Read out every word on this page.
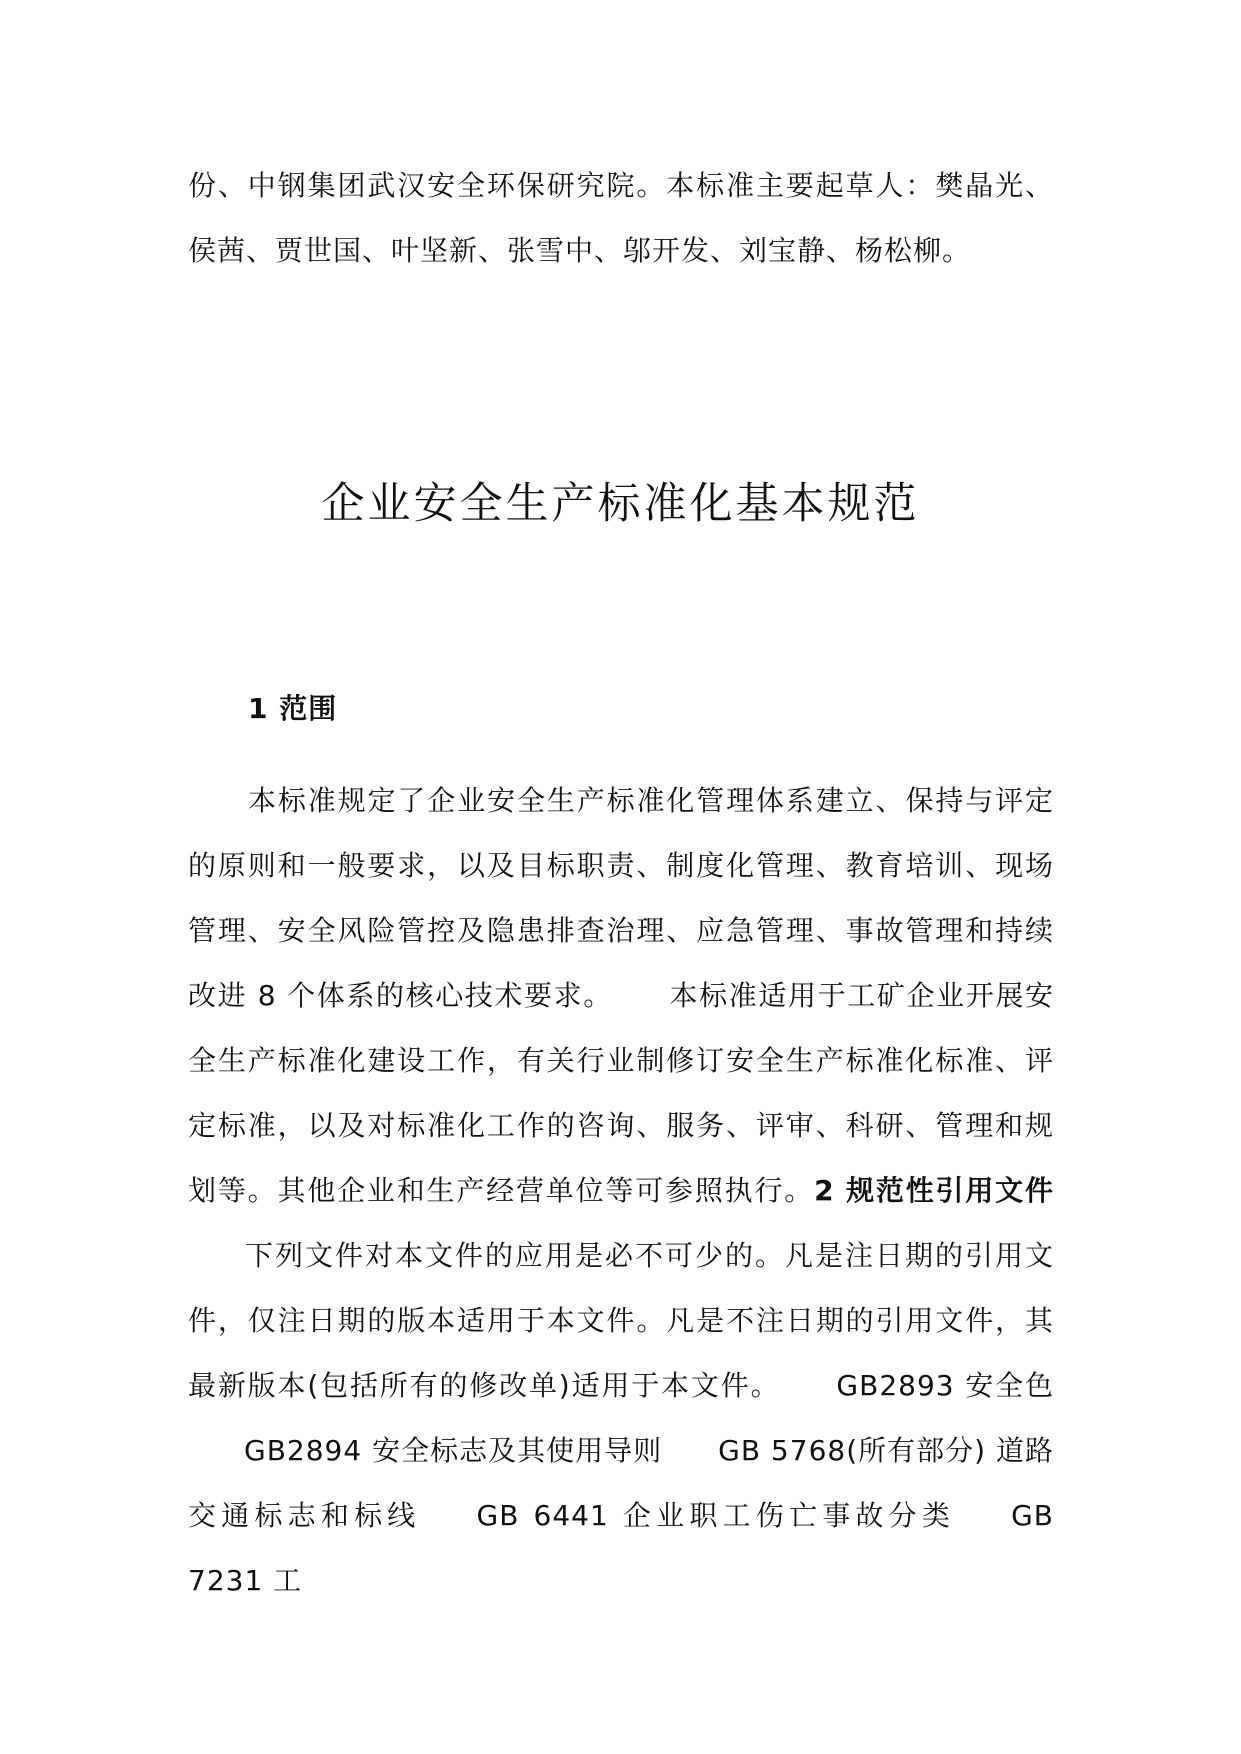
份、中钢集团武汉安全环保研究院。本标准主要起草人：樊晶光、侯茜、贾世国、叶坚新、张雪中、邬开发、刘宝静、杨松柳。

企业安全生产标准化基本规范
1 范围

本标准规定了企业安全生产标准化管理体系建立、保持与评定的原则和一般要求，以及目标职责、制度化管理、教育培训、现场管理、安全风险管控及隐患排查治理、应急管理、事故管理和持续改进 8 个体系的核心技术要求。 本标准适用于工矿企业开展安全生产标准化建设工作，有关行业制修订安全生产标准化标准、评定标准，以及对标准化工作的咨询、服务、评审、科研、管理和规划等。其他企业和生产经营单位等可参照执行。2 规范性引用文件下列文件对本文件的应用是必不可少的。凡是注日期的引用文件，仅注日期的版本适用于本文件。凡是不注日期的引用文件，其最新版本(包括所有的修改单)适用于本文件。 GB2893 安全色GB2894 安全标志及其使用导则 GB 5768(所有部分) 道路交通标志和标线 GB 6441 企业职工伤亡事故分类 GB 7231 工
